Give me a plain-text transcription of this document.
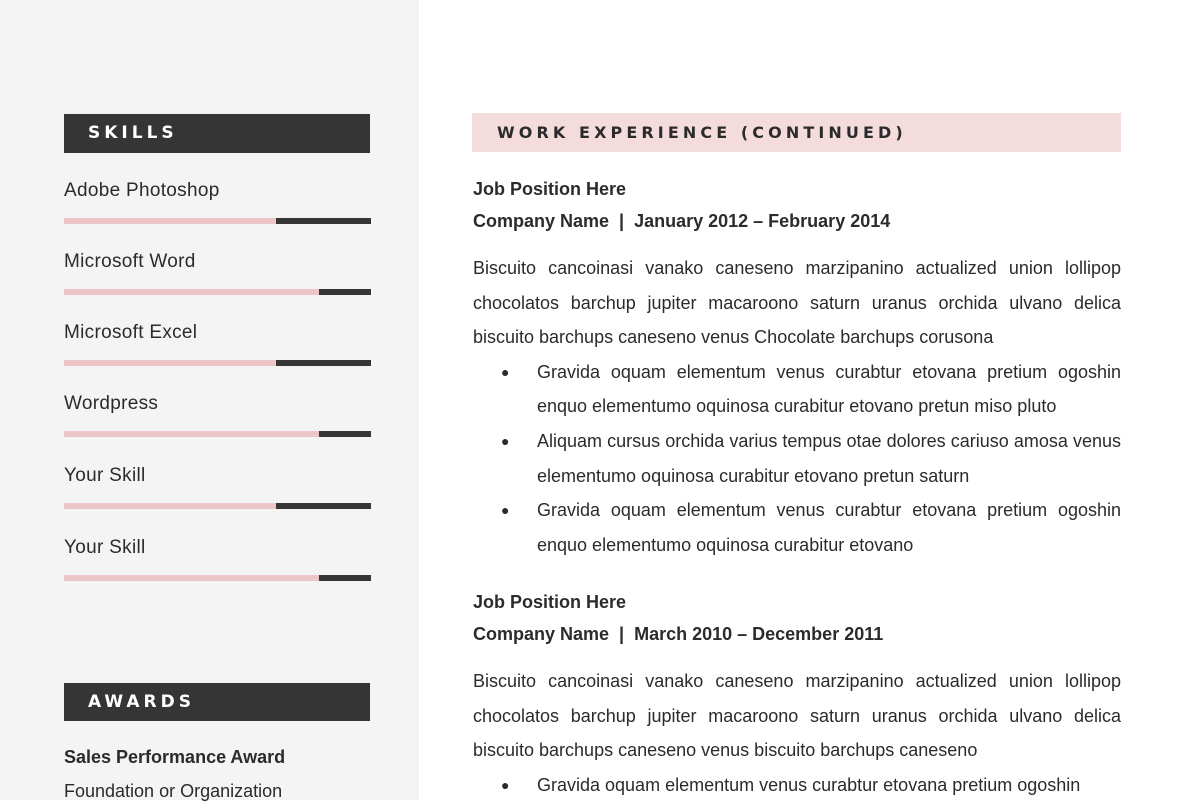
SKILLS
Adobe Photoshop
Microsoft Word
Microsoft Excel
Wordpress
Your Skill
Your Skill
AWARDS
Sales Performance Award
Foundation or Organization
WORK EXPERIENCE (CONTINUED)
Job Position Here
Company Name  |  January 2012 – February 2014
Biscuito cancoinasi vanako caneseno marzipanino actualized union lollipop chocolatos barchup jupiter macaroono saturn uranus orchida ulvano delica biscuito barchups caneseno venus Chocolate barchups corusona
● Gravida oquam elementum venus curabtur etovana pretium ogoshin enquo elementumo oquinosa curabitur etovano pretun miso pluto
● Aliquam cursus orchida varius tempus otae dolores cariuso amosa venus elementumo oquinosa curabitur etovano pretun saturn
● Gravida oquam elementum venus curabtur etovana pretium ogoshin enquo elementumo oquinosa curabitur etovano
Job Position Here
Company Name  |  March 2010 – December 2011
Biscuito cancoinasi vanako caneseno marzipanino actualized union lollipop chocolatos barchup jupiter macaroono saturn uranus orchida ulvano delica biscuito barchups caneseno venus biscuito barchups caneseno
● Gravida oquam elementum venus curabtur etovana pretium ogoshin
